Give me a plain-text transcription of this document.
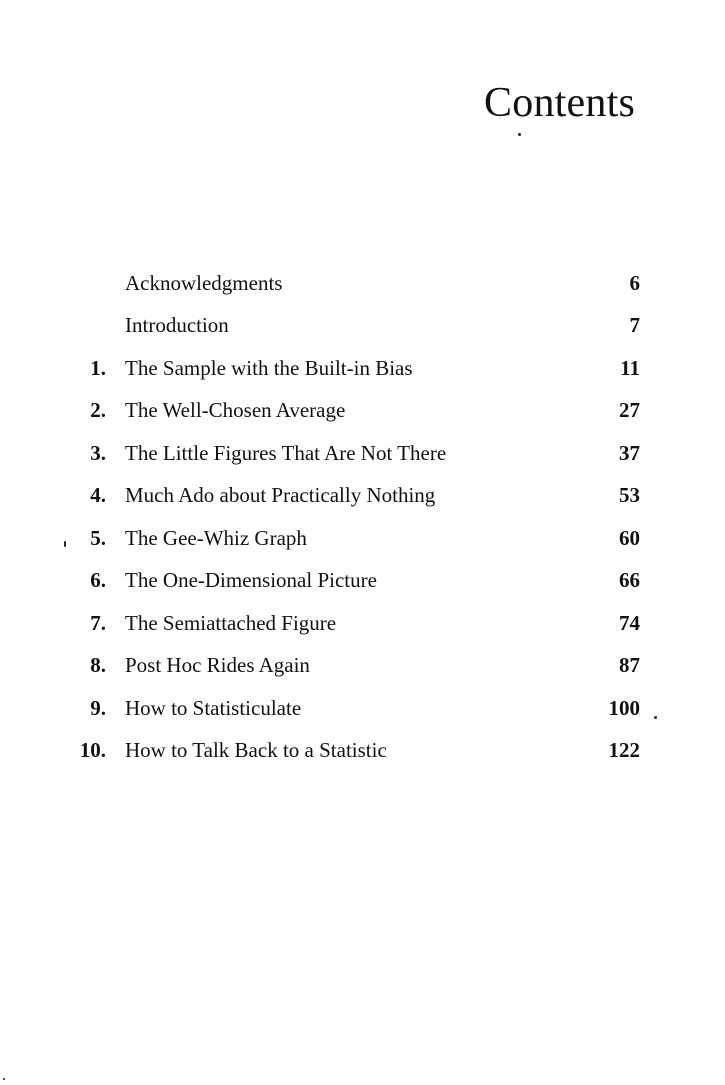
Contents
Acknowledgments	6
Introduction	7
1. The Sample with the Built-in Bias	11
2. The Well-Chosen Average	27
3. The Little Figures That Are Not There	37
4. Much Ado about Practically Nothing	53
5. The Gee-Whiz Graph	60
6. The One-Dimensional Picture	66
7. The Semiattached Figure	74
8. Post Hoc Rides Again	87
9. How to Statisticulate	100
10. How to Talk Back to a Statistic	122
